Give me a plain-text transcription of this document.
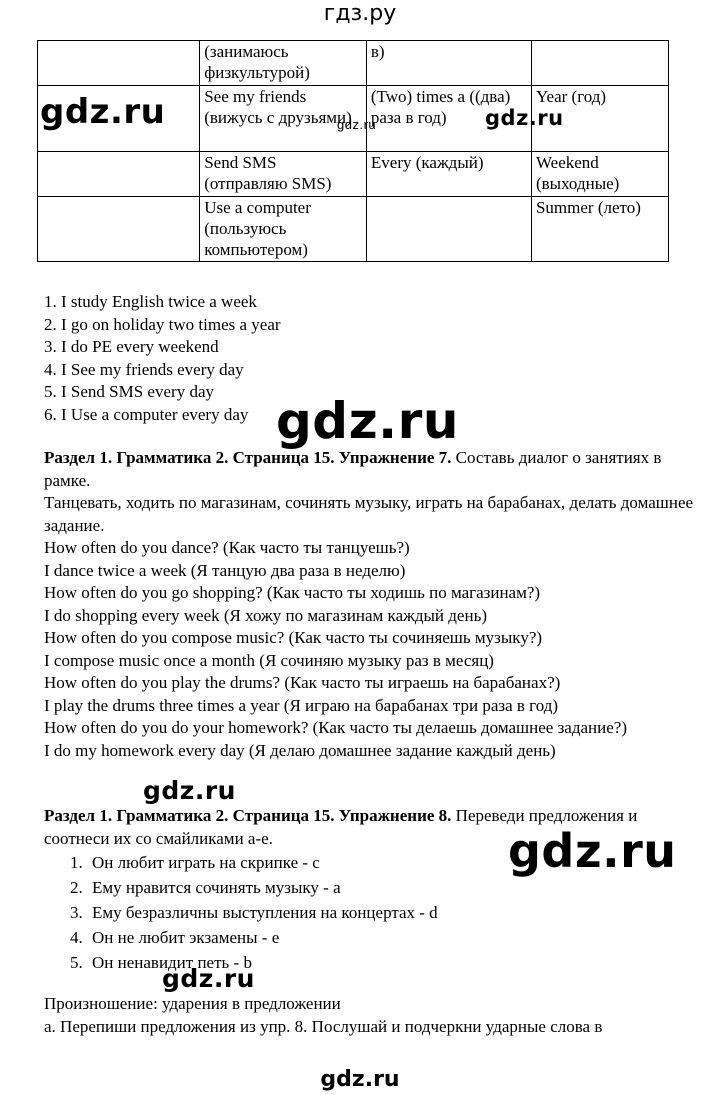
гдз.ру
	(занимаюсь физкультурой)	в)	
	See my friends (вижусь с друзьями)	(Two) times a ((два) раза в год)	Year (год)
	Send SMS (отправляю SMS)	Every (каждый)	Weekend (выходные)
	Use a computer (пользуюсь компьютером)		Summer (лето)
gdz.ru	gdz.ru	gdz.ru
gdz.ru
gdz.ru
gdz.ru
gdz.ru
1. I study English twice a week
2. I go on holiday two times a year
3. I do PE every weekend
4. I See my friends every day
5. I Send SMS every day
6. I Use a computer every day
Раздел 1. Грамматика 2. Страница 15. Упражнение 7. Составь диалог о занятиях в рамке.
Танцевать, ходить по магазинам, сочинять музыку, играть на барабанах, делать домашнее задание.
How often do you dance? (Как часто ты танцуешь?)
I dance twice a week (Я танцую два раза в неделю)
How often do you go shopping? (Как часто ты ходишь по магазинам?)
I do shopping every week (Я хожу по магазинам каждый день)
How often do you compose music? (Как часто ты сочиняешь музыку?)
I compose music once a month (Я сочиняю музыку раз в месяц)
How often do you play the drums? (Как часто ты играешь на барабанах?)
I play the drums three times a year (Я играю на барабанах три раза в год)
How often do you do your homework? (Как часто ты делаешь домашнее задание?)
I do my homework every day (Я делаю домашнее задание каждый день)
Раздел 1. Грамматика 2. Страница 15. Упражнение 8. Переведи предложения и соотнеси их со смайликами a-e.
1. Он любит играть на скрипке - c
2. Ему нравится сочинять музыку - a
3. Ему безразличны выступления на концертах - d
4. Он не любит экзамены - e
5. Он ненавидит петь - b
Произношение: ударения в предложении
a. Перепиши предложения из упр. 8. Послушай и подчеркни ударные слова в
gdz.ru
